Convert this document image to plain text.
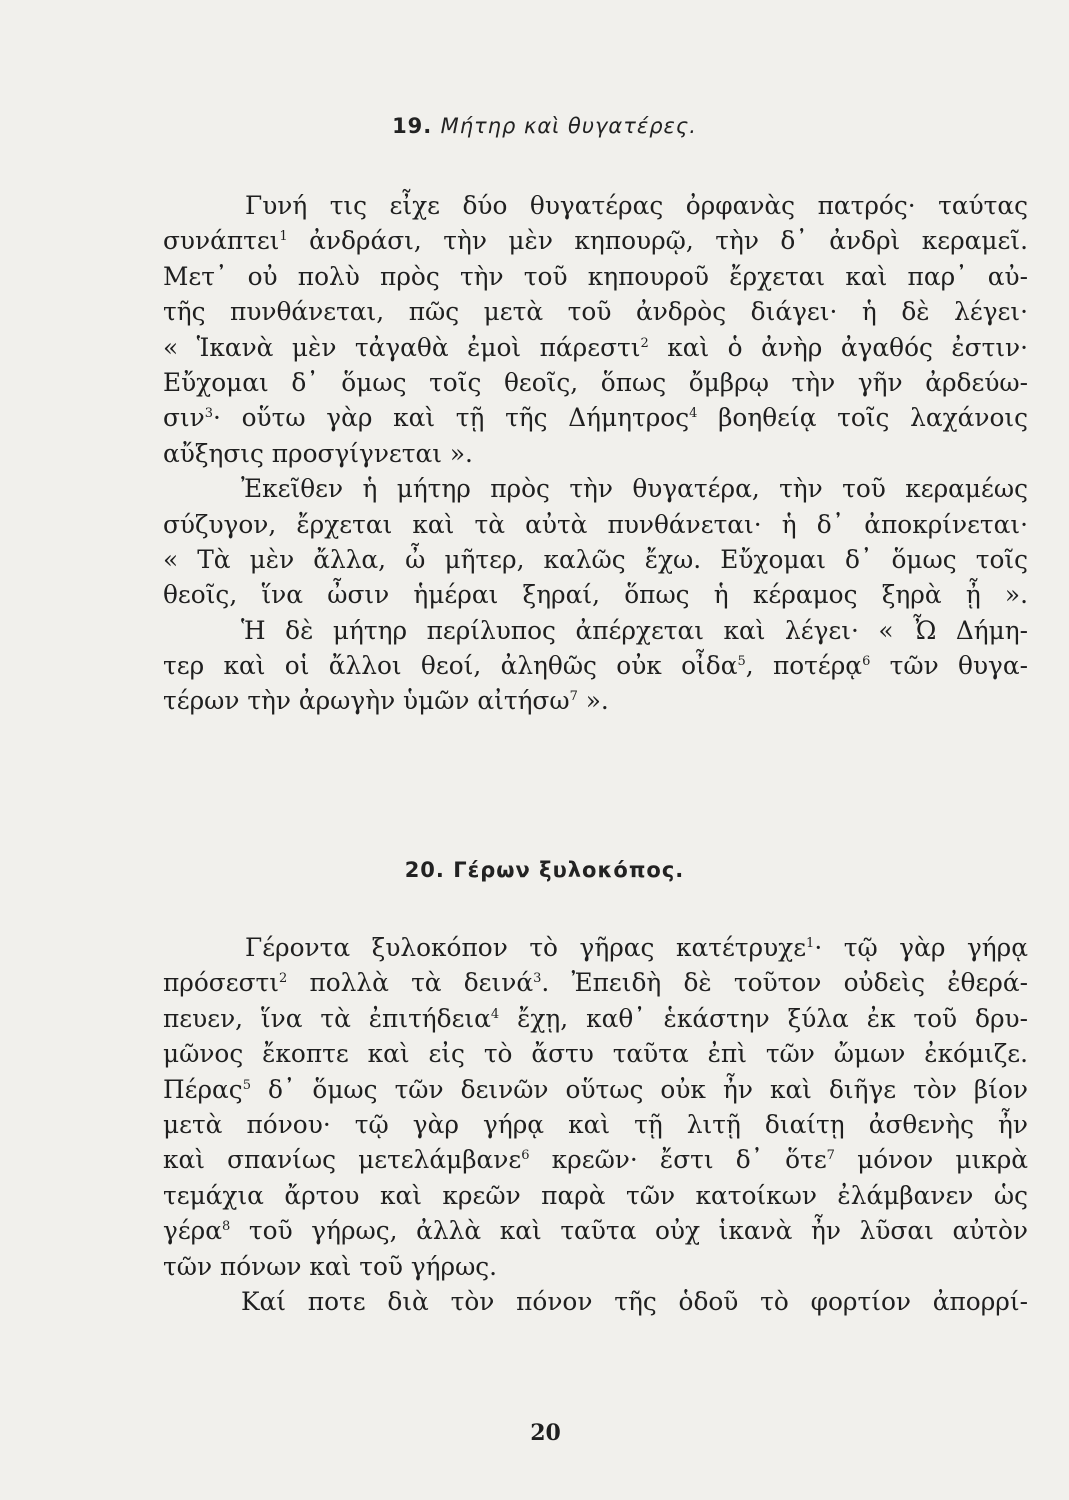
19. Μήτηρ καὶ θυγατέρες.
Γυνή τις εἶχε δύο θυγατέρας ὀρφανὰς πατρός· ταύτας
συνάπτει$^1$ ἀνδράσι, τὴν μὲν κηπουρῷ, τὴν δ᾿ ἀνδρὶ κεραμεῖ.
Μετ᾿ οὐ πολὺ πρὸς τὴν τοῦ κηπουροῦ ἔρχεται καὶ παρ᾿ αὐ-
τῆς πυνθάνεται, πῶς μετὰ τοῦ ἀνδρὸς διάγει· ἡ δὲ λέγει·
« Ἱκανὰ μὲν τἀγαθὰ ἐμοὶ πάρεστι$^2$ καὶ ὁ ἀνὴρ ἀγαθός ἐστιν·
Εὔχομαι δ᾿ ὅμως τοῖς θεοῖς, ὅπως ὄμβρῳ τὴν γῆν ἀρδεύω-
σιν$^3$· οὕτω γὰρ καὶ τῇ τῆς Δήμητρος$^4$ βοηθείᾳ τοῖς λαχάνοις
αὔξησις προσγίγνεται ».
Ἐκεῖθεν ἡ μήτηρ πρὸς τὴν θυγατέρα, τὴν τοῦ κεραμέως
σύζυγον, ἔρχεται καὶ τὰ αὐτὰ πυνθάνεται· ἡ δ᾿ ἀποκρίνεται·
« Τὰ μὲν ἄλλα, ὦ μῆτερ, καλῶς ἔχω. Εὔχομαι δ᾿ ὅμως τοῖς
θεοῖς, ἵνα ὦσιν ἡμέραι ξηραί, ὅπως ἡ κέραμος ξηρὰ ᾖ ».
Ἡ δὲ μήτηρ περίλυπος ἀπέρχεται καὶ λέγει· « Ὦ Δήμη-
τερ καὶ οἱ ἄλλοι θεοί, ἀληθῶς οὐκ οἶδα$^5$, ποτέρᾳ$^6$ τῶν θυγα-
τέρων τὴν ἀρωγὴν ὑμῶν αἰτήσω$^7$ ».
20. Γέρων ξυλοκόπος.
Γέροντα ξυλοκόπον τὸ γῆρας κατέτρυχε$^1$· τῷ γὰρ γήρᾳ
πρόσεστι$^2$ πολλὰ τὰ δεινά$^3$. Ἐπειδὴ δὲ τοῦτον οὐδεὶς ἐθερά-
πευεν, ἵνα τὰ ἐπιτήδεια$^4$ ἔχῃ, καθ᾿ ἑκάστην ξύλα ἐκ τοῦ δρυ-
μῶνος ἔκοπτε καὶ εἰς τὸ ἄστυ ταῦτα ἐπὶ τῶν ὤμων ἐκόμιζε.
Πέρας$^5$ δ᾿ ὅμως τῶν δεινῶν οὕτως οὐκ ἦν καὶ διῆγε τὸν βίον
μετὰ πόνου· τῷ γὰρ γήρᾳ καὶ τῇ λιτῇ διαίτῃ ἀσθενὴς ἦν
καὶ σπανίως μετελάμβανε$^6$ κρεῶν· ἔστι δ᾿ ὅτε$^7$ μόνον μικρὰ
τεμάχια ἄρτου καὶ κρεῶν παρὰ τῶν κατοίκων ἐλάμβανεν ὡς
γέρα$^8$ τοῦ γήρως, ἀλλὰ καὶ ταῦτα οὐχ ἱκανὰ ἦν λῦσαι αὐτὸν
τῶν πόνων καὶ τοῦ γήρως.
Καί ποτε διὰ τὸν πόνον τῆς ὁδοῦ τὸ φορτίον ἀπορρί-
20
